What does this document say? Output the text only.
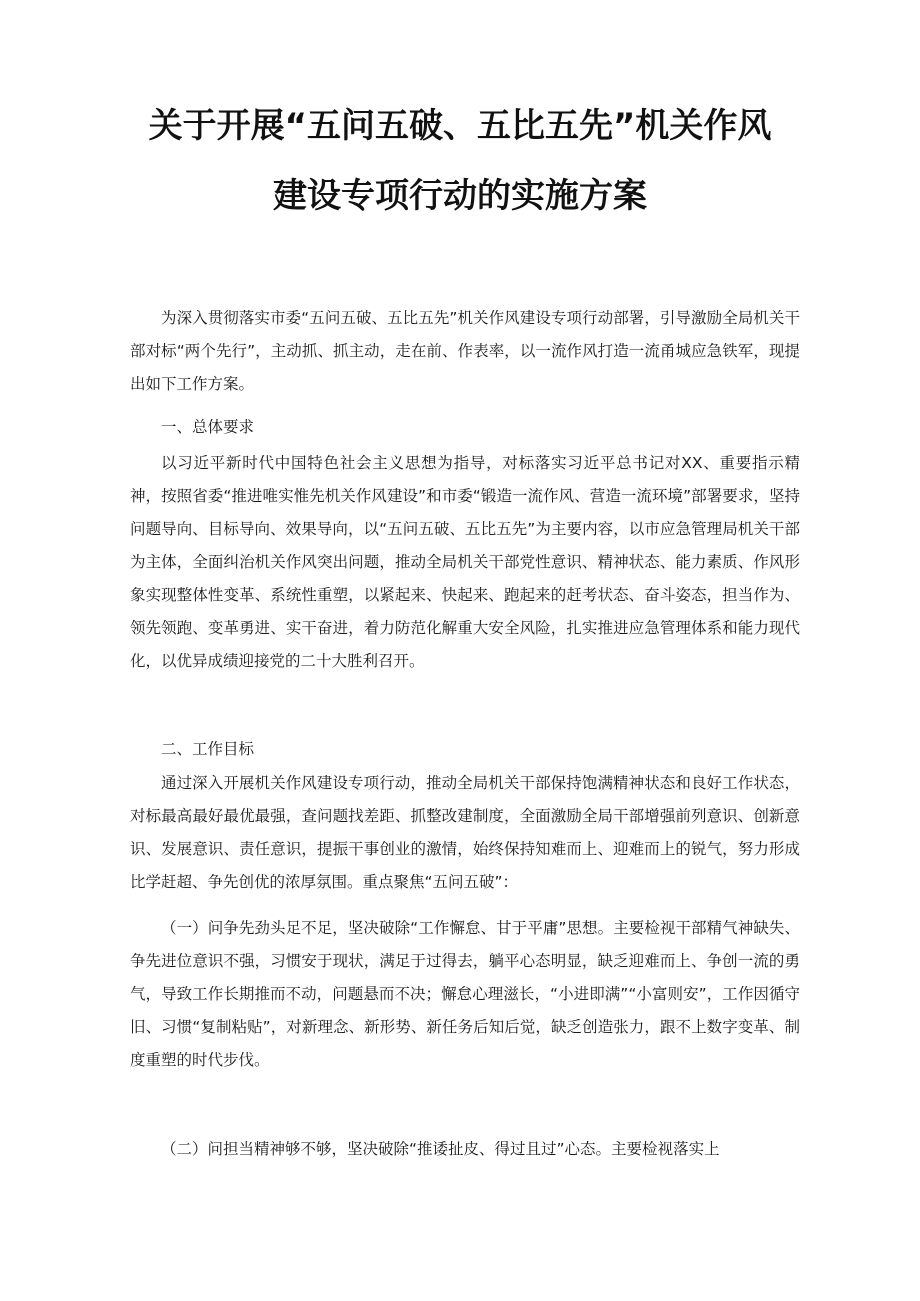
关于开展“五问五破、五比五先”机关作风
建设专项行动的实施方案

为深入贯彻落实市委“五问五破、五比五先”机关作风建设专项行动部署，引导激励全局机关干部对标“两个先行”，主动抓、抓主动，走在前、作表率，以一流作风打造一流甬城应急铁军，现提出如下工作方案。

一、总体要求

以习近平新时代中国特色社会主义思想为指导，对标落实习近平总书记对XX、重要指示精神，按照省委“推进唯实惟先机关作风建设”和市委“锻造一流作风、营造一流环境”部署要求，坚持问题导向、目标导向、效果导向，以“五问五破、五比五先”为主要内容，以市应急管理局机关干部为主体，全面纠治机关作风突出问题，推动全局机关干部党性意识、精神状态、能力素质、作风形象实现整体性变革、系统性重塑，以紧起来、快起来、跑起来的赶考状态、奋斗姿态，担当作为、领先领跑、变革勇进、实干奋进，着力防范化解重大安全风险，扎实推进应急管理体系和能力现代化，以优异成绩迎接党的二十大胜利召开。

二、工作目标

通过深入开展机关作风建设专项行动，推动全局机关干部保持饱满精神状态和良好工作状态，对标最高最好最优最强，查问题找差距、抓整改建制度，全面激励全局干部增强前列意识、创新意识、发展意识、责任意识，提振干事创业的激情，始终保持知难而上、迎难而上的锐气，努力形成比学赶超、争先创优的浓厚氛围。重点聚焦“五问五破”：

（一）问争先劲头足不足，坚决破除“工作懈怠、甘于平庸”思想。主要检视干部精气神缺失、争先进位意识不强，习惯安于现状，满足于过得去，躺平心态明显，缺乏迎难而上、争创一流的勇气，导致工作长期推而不动，问题悬而不决；懈怠心理滋长，“小进即满”“小富则安”，工作因循守旧、习惯“复制粘贴”，对新理念、新形势、新任务后知后觉，缺乏创造张力，跟不上数字变革、制度重塑的时代步伐。

（二）问担当精神够不够，坚决破除“推诿扯皮、得过且过”心态。主要检视落实上
